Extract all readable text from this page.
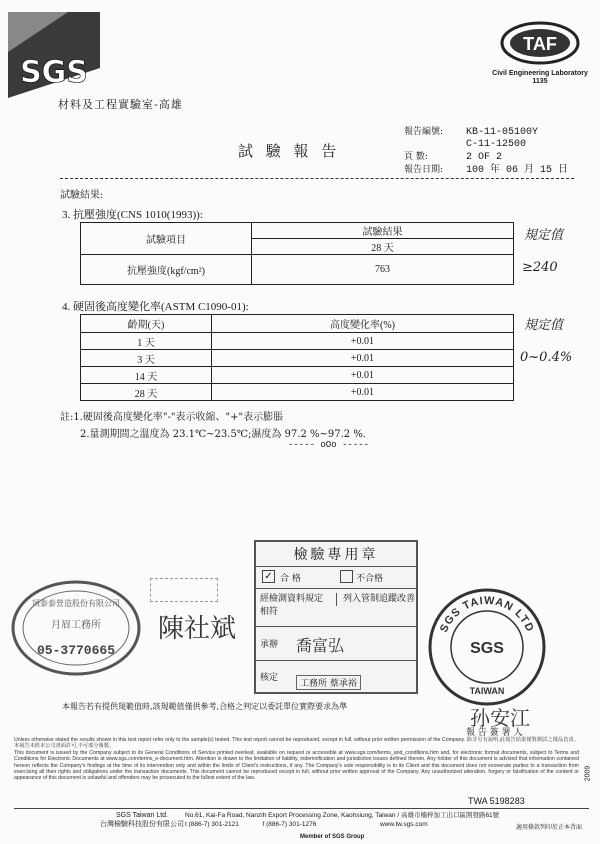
SGS
材料及工程實驗室-高雄
TAF
Civil Engineering Laboratory
1135
試 驗 報 告
報告編號: KB-11-05100Y
C-11-12500
頁 數:	2 OF 2
報告日期: 100 年 06 月 15 日
試驗結果:
3. 抗壓強度(CNS 1010(1993)):
試驗項目	試驗結果
	28 天
抗壓強度(kgf/cm²)	763
規定值
≥240
4. 硬固後高度變化率(ASTM C1090-01):
齡期(天)	高度變化率(%)
1 天	+0.01
3 天	+0.01
14 天	+0.01
28 天	+0.01
規定值
0~0.4%
註:1.硬固後高度變化率"-"表示收縮、"+"表示膨脹
2.量測期間之溫度為 23.1℃~23.5℃;濕度為 97.2 %~97.2 %.
----- oOo -----
頂泰泰營造股份有限公司
月眉工務所
05-3770665
陳社斌
檢驗專用章
✓ 合 格	不合格
經檢測資料規定相符
列入管制追蹤改善
承辦 喬富弘
核定
工務所 蔡承裕
SGS TAIWAN LTD
SGS
TAIWAN
孙安江
本報告若有提供規範值時,該規範值僅供參考,合格之判定以委託單位實際要求為準
報 告 簽 署 人
Unless otherwise stated the results shown in this test report refer only to the sample(s) tested. This test report cannot be reproduced, except in full, without prior written permission of the Company. 除非另有說明,此報告結果僅對測試之樣品負責。本報告未經本公司書面許可,不可部分複製。
This document is issued by the Company subject to its General Conditions of Service printed overleaf, available on request or accessible at www.sgs.com/terms_and_conditions.htm and, for electronic format documents, subject to Terms and Conditions for Electronic Documents at www.sgs.com/terms_e-document.htm. Attention is drawn to the limitation of liability, indemnification and jurisdiction issues defined therein. Any holder of this document is advised that information contained hereon reflects the Company's findings at the time of its intervention only and within the limits of Client's instructions, if any. The Company's sole responsibility is to its Client and this document does not exonerate parties to a transaction from exercising all their rights and obligations under the transaction documents. This document cannot be reproduced except in full, without prior written approval of the Company. Any unauthorized alteration, forgery or falsification of the content or appearance of this document is unlawful and offenders may be prosecuted to the fullest extent of the law.
TWA 5198283
2009
SGS Taiwan Ltd.
台灣檢驗科技股份有限公司
No.61, Kai-Fa Road, Nanzih Export Processing Zone, Kaohsiung, Taiwan / 高雄市楠梓加工出口區開發路61號
t (886-7) 301-2121	f (886-7) 301-1276	www.tw.sgs.com
Member of SGS Group
適用條款列印於正本背面
